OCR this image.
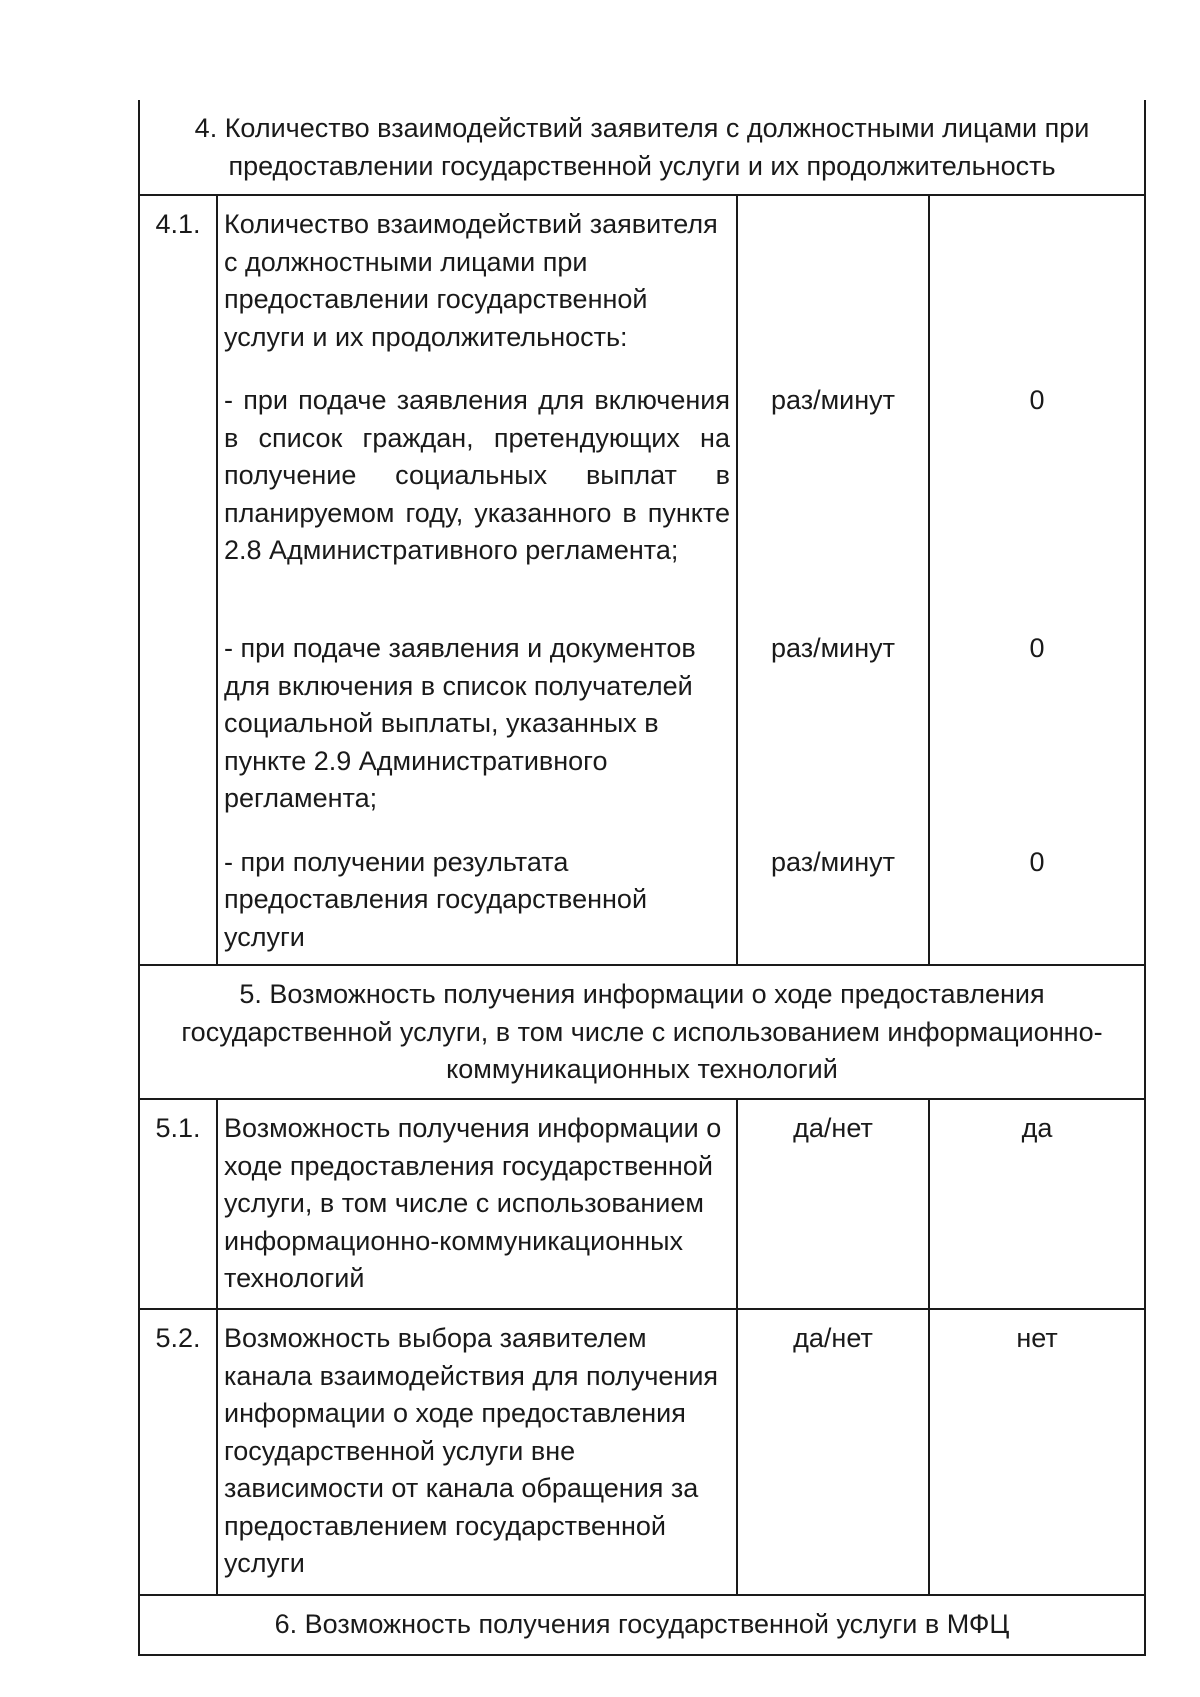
4. Количество взаимодействий заявителя с должностными лицами при предоставлении государственной услуги и их продолжительность			
4.1.	Количество взаимодействий заявителя с должностными лицами при предоставлении государственной услуги и их продолжительность:		
	- при подаче заявления для включения в список граждан, претендующих на получение социальных выплат в планируемом году, указанного в пункте 2.8 Административного регламента;	раз/минут	0
	- при подаче заявления и документов для включения в список получателей социальной выплаты, указанных в пункте 2.9 Административного регламента;	раз/минут	0
	- при получении результата предоставления государственной услуги	раз/минут	0
5. Возможность получения информации о ходе предоставления государственной услуги, в том числе с использованием информационно-коммуникационных технологий			
5.1.	Возможность получения информации о ходе предоставления государственной услуги, в том числе с использованием информационно-коммуникационных технологий	да/нет	да
5.2.	Возможность выбора заявителем канала взаимодействия для получения информации о ходе предоставления государственной услуги вне зависимости от канала обращения за предоставлением государственной услуги	да/нет	нет
6. Возможность получения государственной услуги в МФЦ			
